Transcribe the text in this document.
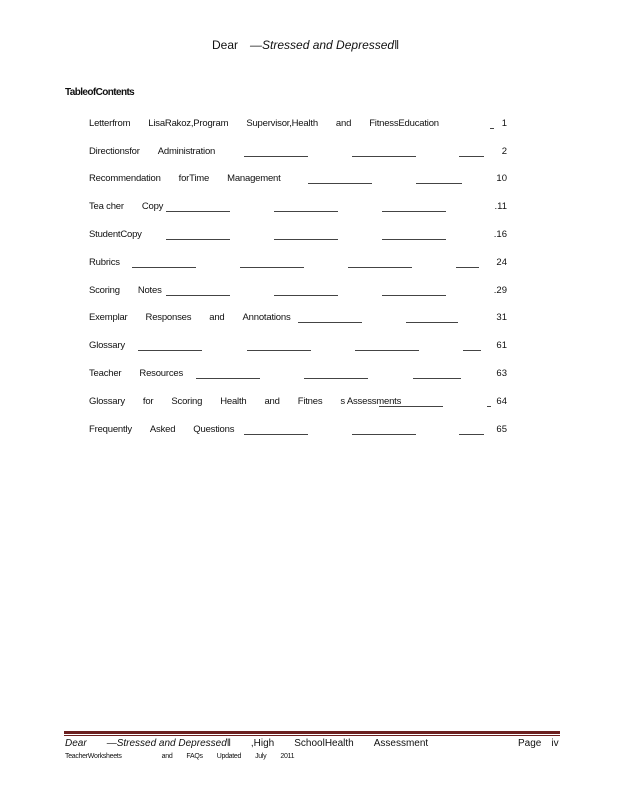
Dear —Stressed and Depressed‖
TableofContents
Letterfrom LisaRakoz,Program Supervisor,Health and FitnessEducation	1
Directionsfor Administration	2
Recommendation forTime Management	10
Tea cher Copy	.11
StudentCopy	.16
Rubrics	24
Scoring Notes	.29
Exemplar Responses and Annotations	31
Glossary	61
Teacher Resources	63
Glossary for Scoring Health and Fitnes s Assessments	64
Frequently Asked Questions	65
Dear —Stressed and Depressed‖ ,High SchoolHealth Assessment	Page iv
TeacherWorksheets	and FAQs Updated July 2011
